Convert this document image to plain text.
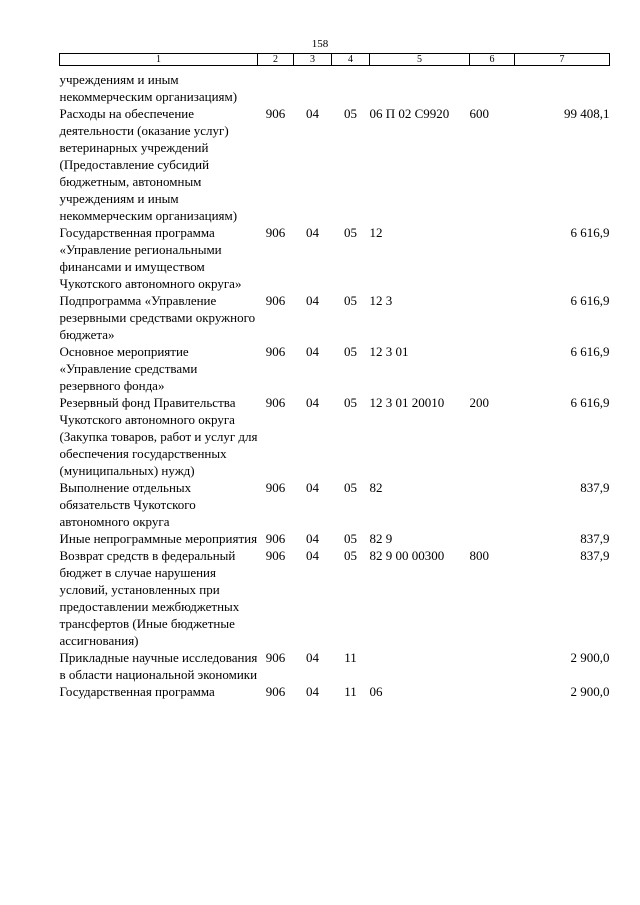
158
1	2	3	4	5	6	7
учреждениям и иным некоммерческим организациям)						
Расходы на обеспечение деятельности (оказание услуг) ветеринарных учреждений (Предоставление субсидий бюджетным, автономным учреждениям и иным некоммерческим организациям)	906	04	05	06 П 02 С9920	600	99 408,1
Государственная программа «Управление региональными финансами и имуществом Чукотского автономного округа»	906	04	05	12		6 616,9
Подпрограмма «Управление резервными средствами окружного бюджета»	906	04	05	12 3		6 616,9
Основное мероприятие «Управление средствами резервного фонда»	906	04	05	12 3 01		6 616,9
Резервный фонд Правительства Чукотского автономного округа (Закупка товаров, работ и услуг для обеспечения государственных (муниципальных) нужд)	906	04	05	12 3 01 20010	200	6 616,9
Выполнение отдельных обязательств Чукотского автономного округа	906	04	05	82		837,9
Иные непрограммные мероприятия	906	04	05	82 9		837,9
Возврат средств в федеральный бюджет в случае нарушения условий, установленных при предоставлении межбюджетных трансфертов (Иные бюджетные ассигнования)	906	04	05	82 9 00 00300	800	837,9
Прикладные научные исследования в области национальной экономики	906	04	11			2 900,0
Государственная программа	906	04	11	06		2 900,0
